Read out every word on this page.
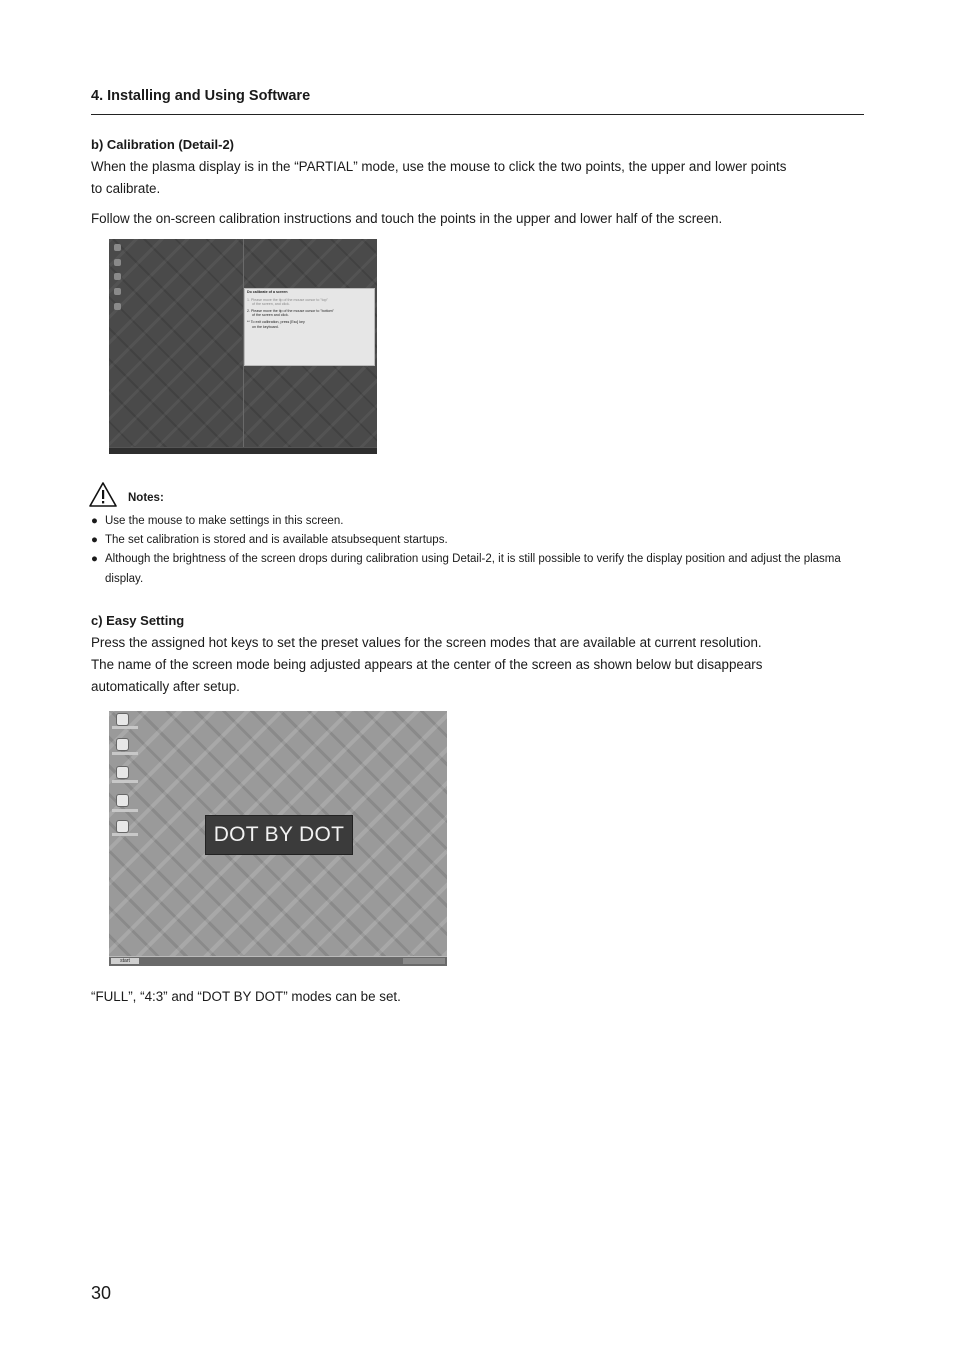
4. Installing and Using Software
b) Calibration (Detail-2)
When the plasma display is in the “PARTIAL” mode, use the mouse to click the two points, the upper and lower points
to calibrate.
Follow the on-screen calibration instructions and touch the points in the upper and lower half of the screen.
Do calibrate of a screen
1. Please move the tip of the mouse cursor to "top"
of the screen, and click.
2. Please move the tip of the mouse cursor to "bottom"
of the screen and click.
** To exit calibration, press [Esc] key
on the keyboard.
Notes:
● Use the mouse to make settings in this screen.
● The set calibration is stored and is available atsubsequent startups.
● Although the brightness of the screen drops during calibration using Detail-2, it is still possible to verify the display position and adjust the plasma display.
c) Easy Setting
Press the assigned hot keys to set the preset values for the screen modes that are available at current resolution.
The name of the screen mode being adjusted appears at the center of the screen as shown below but disappears
automatically after setup.
DOT BY DOT
start
“FULL”, “4:3” and “DOT BY DOT” modes can be set.
30
